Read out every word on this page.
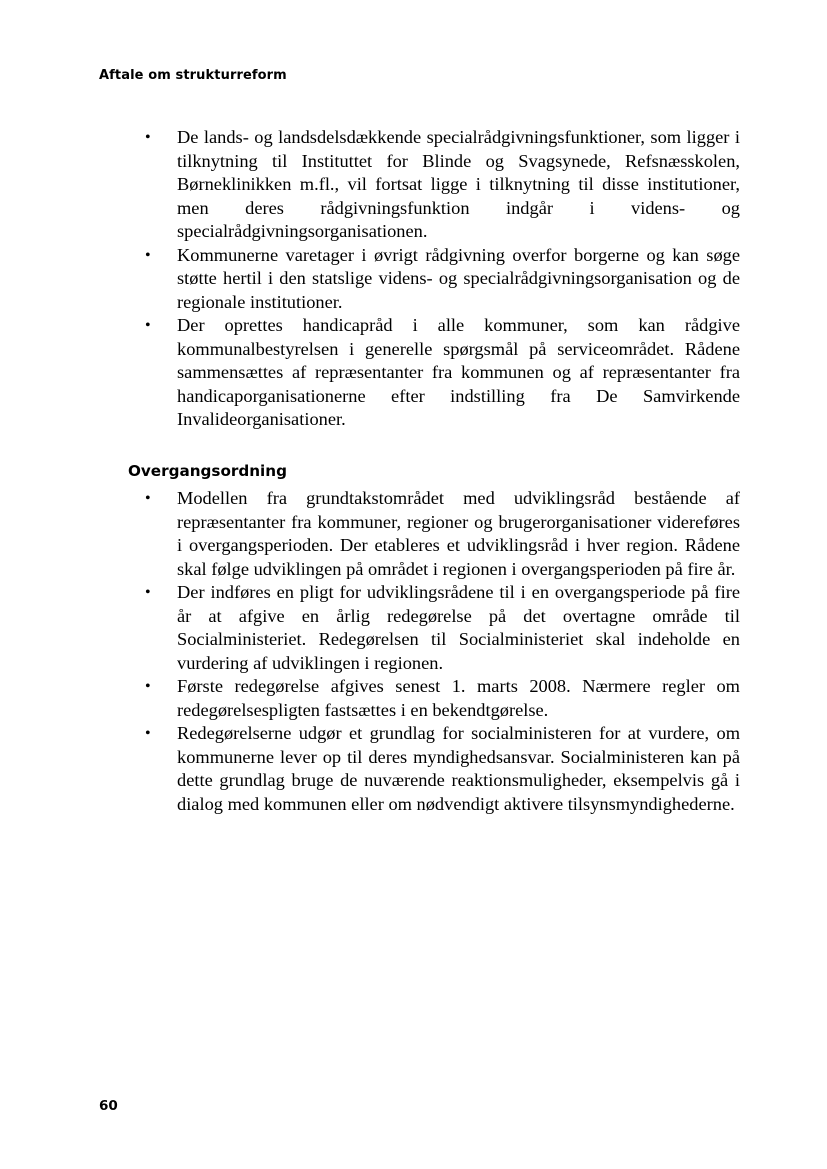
Aftale om strukturreform
•	De lands- og landsdelsdækkende specialrådgivningsfunktioner, som ligger i tilknytning til Instituttet for Blinde og Svagsynede, Refsnæsskolen, Børneklinikken m.fl., vil fortsat ligge i tilknytning til disse institutioner, men deres rådgivningsfunktion indgår i videns- og specialrådgivningsorganisationen.
•	Kommunerne varetager i øvrigt rådgivning overfor borgerne og kan søge støtte hertil i den statslige videns- og specialrådgivningsorganisation og de regionale institutioner.
•	Der oprettes handicapråd i alle kommuner, som kan rådgive kommunalbestyrelsen i generelle spørgsmål på serviceområdet. Rådene sammensættes af repræsentanter fra kommunen og af repræsentanter fra handicaporganisationerne efter indstilling fra De Samvirkende Invalideorganisationer.
Overgangsordning
•	Modellen fra grundtakstområdet med udviklingsråd bestående af repræsentanter fra kommuner, regioner og brugerorganisationer videreføres i overgangsperioden. Der etableres et udviklingsråd i hver region. Rådene skal følge udviklingen på området i regionen i overgangsperioden på fire år.
•	Der indføres en pligt for udviklingsrådene til i en overgangsperiode på fire år at afgive en årlig redegørelse på det overtagne område til Socialministeriet. Redegørelsen til Socialministeriet skal indeholde en vurdering af udviklingen i regionen.
•	Første redegørelse afgives senest 1. marts 2008. Nærmere regler om redegørelsespligten fastsættes i en bekendtgørelse.
•	Redegørelserne udgør et grundlag for socialministeren for at vurdere, om kommunerne lever op til deres myndighedsansvar. Socialministeren kan på dette grundlag bruge de nuværende reaktionsmuligheder, eksempelvis gå i dialog med kommunen eller om nødvendigt aktivere tilsynsmyndighederne.
60
